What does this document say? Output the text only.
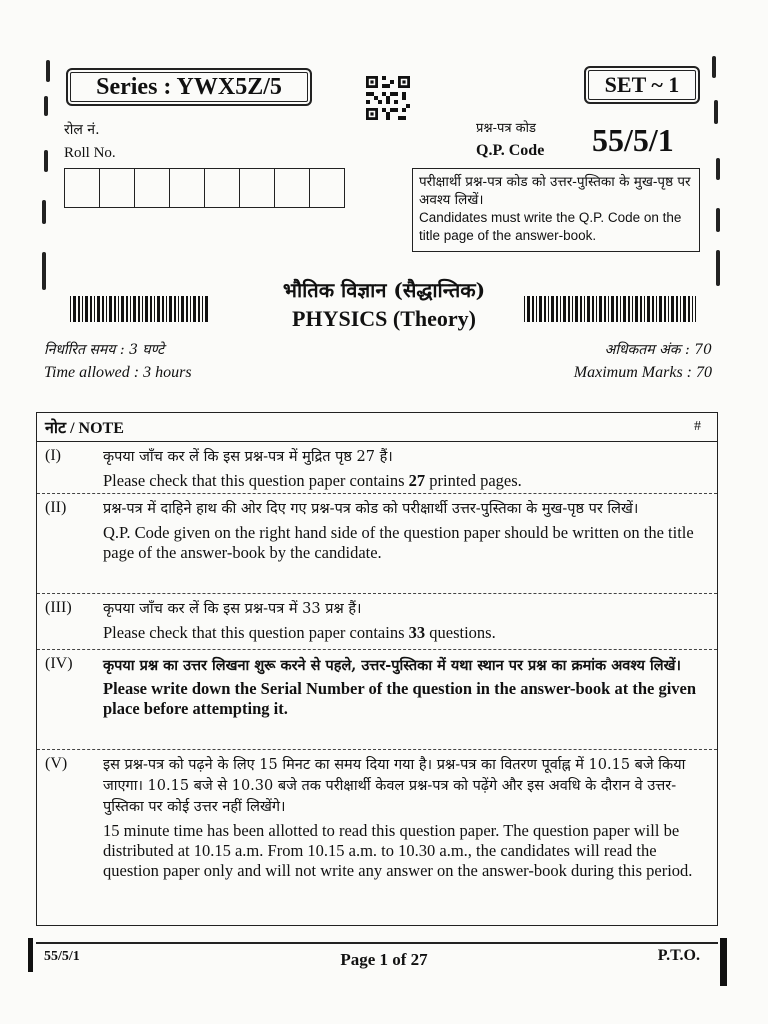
Series : YWX5Z/5	SET ~ 1
रोल नं.
Roll No.
प्रश्न-पत्र कोड
Q.P. Code 55/5/1
परीक्षार्थी प्रश्न-पत्र कोड को उत्तर-पुस्तिका के मुख-पृष्ठ पर अवश्य लिखें।
Candidates must write the Q.P. Code on the title page of the answer-book.
भौतिक विज्ञान (सैद्धान्तिक)
PHYSICS (Theory)
निर्धारित समय : 3 घण्टे
Time allowed : 3 hours
अधिकतम अंक : 70
Maximum Marks : 70
नोट / NOTE	#
(I)	कृपया जाँच कर लें कि इस प्रश्न-पत्र में मुद्रित पृष्ठ 27 हैं।
Please check that this question paper contains 27 printed pages.
(II)	प्रश्न-पत्र में दाहिने हाथ की ओर दिए गए प्रश्न-पत्र कोड को परीक्षार्थी उत्तर-पुस्तिका के मुख-पृष्ठ पर लिखें।
Q.P. Code given on the right hand side of the question paper should be written on the title page of the answer-book by the candidate.
(III)	कृपया जाँच कर लें कि इस प्रश्न-पत्र में 33 प्रश्न हैं।
Please check that this question paper contains 33 questions.
(IV)	कृपया प्रश्न का उत्तर लिखना शुरू करने से पहले, उत्तर-पुस्तिका में यथा स्थान पर प्रश्न का क्रमांक अवश्य लिखें।
Please write down the Serial Number of the question in the answer-book at the given place before attempting it.
(V)	इस प्रश्न-पत्र को पढ़ने के लिए 15 मिनट का समय दिया गया है। प्रश्न-पत्र का वितरण पूर्वाह्न में 10.15 बजे किया जाएगा। 10.15 बजे से 10.30 बजे तक परीक्षार्थी केवल प्रश्न-पत्र को पढ़ेंगे और इस अवधि के दौरान वे उत्तर-पुस्तिका पर कोई उत्तर नहीं लिखेंगे।
15 minute time has been allotted to read this question paper. The question paper will be distributed at 10.15 a.m. From 10.15 a.m. to 10.30 a.m., the candidates will read the question paper only and will not write any answer on the answer-book during this period.
55/5/1	Page 1 of 27	P.T.O.
